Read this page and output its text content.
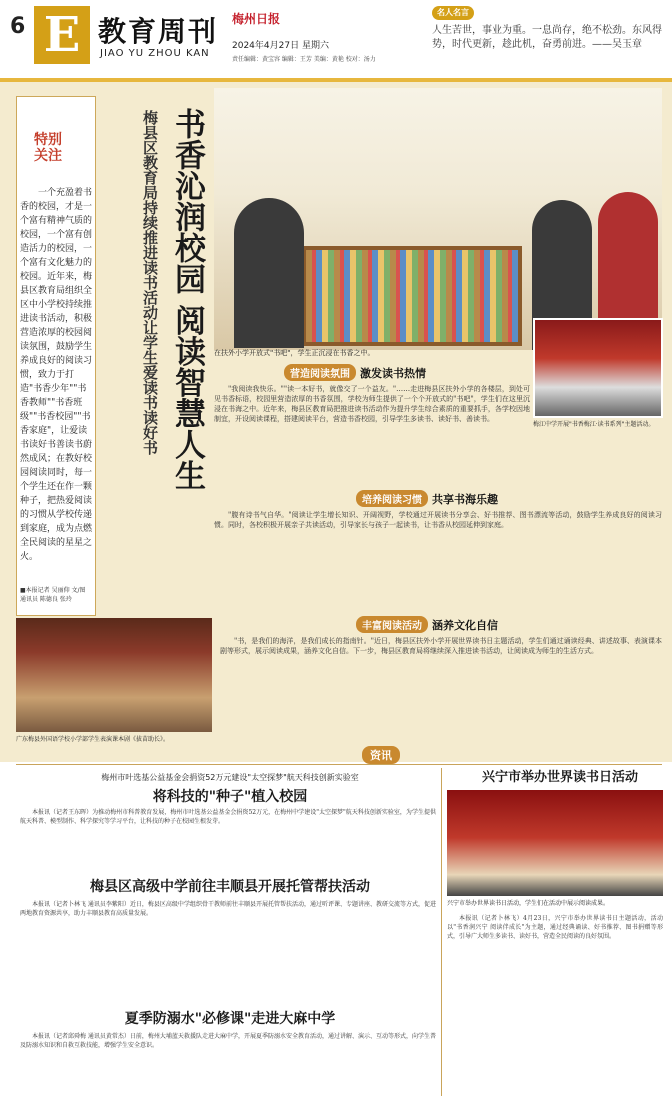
6 E 教育周刊
JIAO YU ZHOU KAN
梅州日报
2024年4月27日 星期六
责任编辑：黄宝容 编辑：王芳 美编：黄艳 校对：汤力
名人名言
人生苦世，事业为重。一息尚存，绝不松劲。东风得势，时代更新，趁此机，奋勇前进。——吴玉章
特别
关注
一个充盈着书香的校园，才是一个富有精神气质的校园，一个富有创造活力的校园，一个富有文化魅力的校园。近年来，梅县区教育局组织全区中小学校持续推进读书活动，积极营造浓厚的校园阅读氛围，鼓励学生养成良好的阅读习惯，致力于打造"书香少年""书香教师""书香班级""书香校园""书香家庭"，让爱读书读好书善读书蔚然成风；在教好校园阅读同时，每一个学生还在作一颗种子，把热爱阅读的习惯从学校传递到家庭，成为点燃全民阅读的星星之火。
■本报记者 吴丽仰 文/图
通讯员 陈德良 张玲
梅县区教育局持续推进读书活动让学生爱读书读好书 书香沁润校园 阅读智慧人生 在扶外小学开放式"书吧"，学生正沉浸在书香之中。
梅江中学开展"书香梅江·读书系列"主题活动。
营造阅读氛围 激发读书热情
"我阅读我快乐。""读一本好书，就像交了一个益友。"……走进梅县区扶外小学的各楼层，到处可见书香标语，校园里营造浓厚的书香氛围，学校为师生提供了一个个开放式的"书吧"，学生们在这里沉浸在书海之中。近年来，梅县区教育局把推进读书活动作为提升学生综合素质的重要抓手，各学校因地制宜，开设阅读课程，搭建阅读平台，营造书香校园，引导学生多读书、读好书、善读书。
培养阅读习惯 共享书海乐趣
"腹有诗书气自华。"阅读让学生增长知识、开阔视野，学校通过开展读书分享会、好书推荐、图书漂流等活动，鼓励学生养成良好的阅读习惯。同时，各校积极开展亲子共读活动，引导家长与孩子一起读书，让书香从校园延伸到家庭。
丰富阅读活动 涵养文化自信
"书，是我们的海洋，是我们成长的指南针。"近日，梅县区扶外小学开展世界读书日主题活动，学生们通过诵读经典、讲述故事、表演课本剧等形式，展示阅读成果，涵养文化自信。下一步，梅县区教育局将继续深入推进读书活动，让阅读成为师生的生活方式。
广东梅县外国语学校小学部学生表演课本剧《拔苗助长》。
资讯
梅州市叶选基公益基金会捐资52万元建设"太空探梦"航天科技创新实验室
将科技的"种子"植入校园
本报讯（记者王东晖）为推动梅州市科普教育发展，梅州市叶选基公益基金会捐资52万元，在梅州中学建设"太空探梦"航天科技创新实验室，为学生提供航天科普、模型制作、科学探究等学习平台，让科技的种子在校园生根发芽。
梅县区高级中学前往丰顺县开展托管帮扶活动
本报讯（记者卜林飞 通讯员李紫阳）近日，梅县区高级中学组织骨干教师前往丰顺县开展托管帮扶活动，通过听评课、专题讲座、教研交流等方式，促进两地教育资源共享，助力丰顺县教育高质量发展。
夏季防溺水"必修课"走进大麻中学
本报讯（记者邱舜梅 通讯员黄常杰）日前，梅州大埔蓝天救援队走进大麻中学，开展夏季防溺水安全教育活动，通过讲解、演示、互动等形式，向学生普及防溺水知识和自救互救技能，增强学生安全意识。
兴宁市举办世界读书日活动
兴宁市举办世界读书日活动，学生们在活动中展示阅读成果。
本报讯（记者卜林飞）4月23日，兴宁市举办世界读书日主题活动，活动以"书香润兴宁 阅读伴成长"为主题，通过经典诵读、好书推荐、图书捐赠等形式，引导广大师生多读书、读好书，营造全民阅读的良好氛围。
